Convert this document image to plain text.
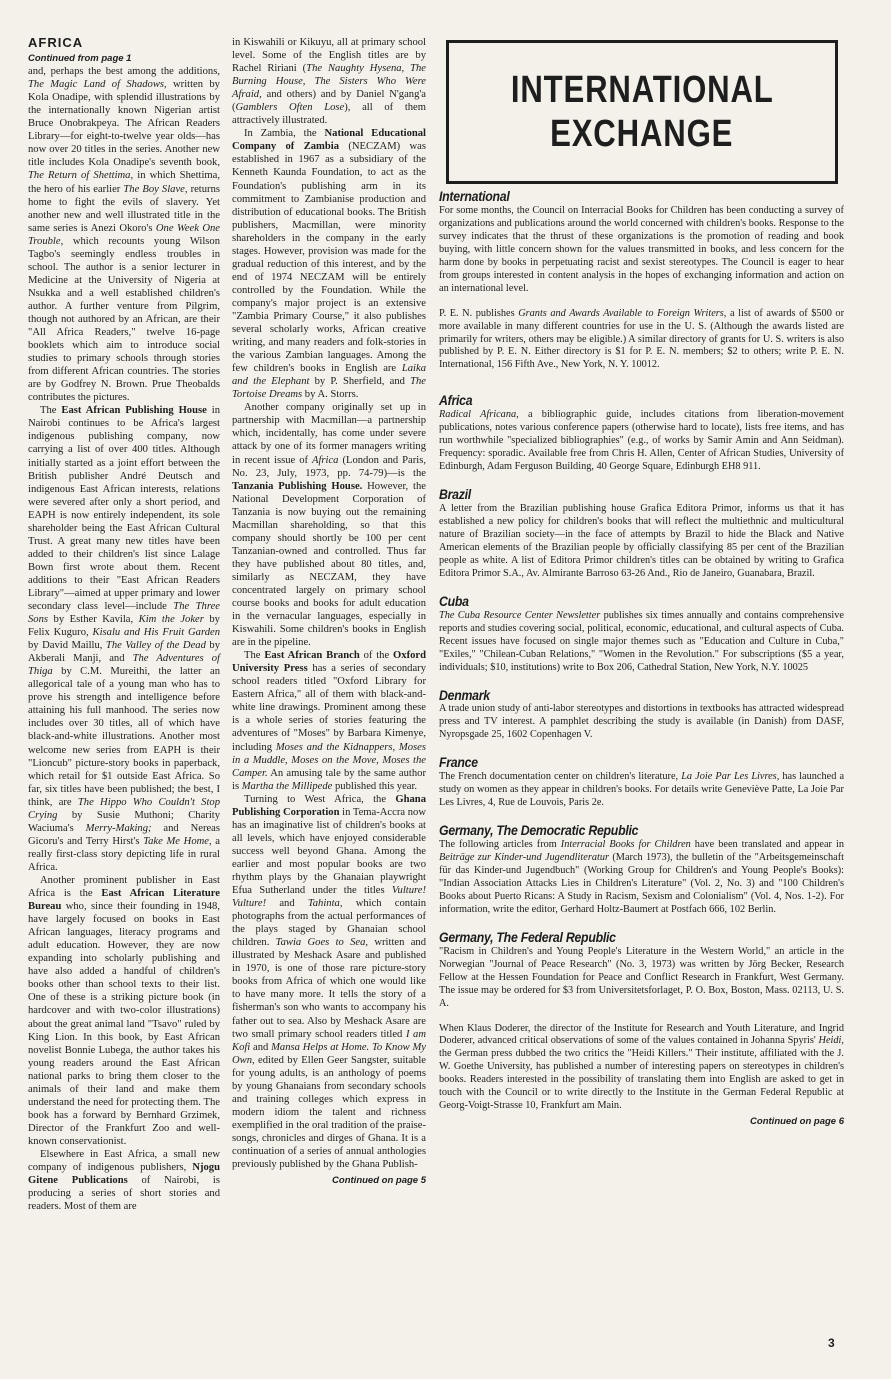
AFRICA
Continued from page 1

and, perhaps the best among the additions, The Magic Land of Shadows, written by Kola Onadipe, with splendid illustrations by the internationally known Nigerian artist Bruce Onobrakpeya. The African Readers Library—for eight-to-twelve year olds—has now over 20 titles in the series. Another new title includes Kola Onadipe's seventh book, The Return of Shettima, in which Shettima, the hero of his earlier The Boy Slave, returns home to fight the evils of slavery. Yet another new and well illustrated title in the same series is Anezi Okoro's One Week One Trouble, which recounts young Wilson Tagbo's seemingly endless troubles in school. The author is a senior lecturer in Medicine at the University of Nigeria at Nsukka and a well established children's author. A further venture from Pilgrim, though not authored by an African, are their "All Africa Readers," twelve 16-page booklets which aim to introduce social studies to primary schools through stories from different African countries. The stories are by Godfrey N. Brown. Prue Theobalds contributes the pictures.

The East African Publishing House in Nairobi continues to be Africa's largest indigenous publishing company, now carrying a list of over 400 titles. Although initially started as a joint effort between the British publisher André Deutsch and indigenous East African interests, relations were severed after only a short period, and EAPH is now entirely independent, its sole shareholder being the East African Cultural Trust. A great many new titles have been added to their children's list since Lalage Bown first wrote about them. Recent additions to their "East African Readers Library"—aimed at upper primary and lower secondary class level—include The Three Sons by Esther Kavila, Kim the Joker by Felix Kuguro, Kisalu and His Fruit Garden by David Maillu, The Valley of the Dead by Akberali Manji, and The Adventures of Thiga by C.M. Mureithi, the latter an allegorical tale of a young man who has to prove his strength and intelligence before attaining his full manhood. The series now includes over 30 titles, all of which have black-and-white illustrations. Another most welcome new series from EAPH is their "Lioncub" picture-story books in paperback, which retail for $1 outside East Africa. So far, six titles have been published; the best, I think, are The Hippo Who Couldn't Stop Crying by Susie Muthoni; Charity Waciuma's Merry-Making; and Nereas Gicoru's and Terry Hirst's Take Me Home, a really first-class story depicting life in rural Africa.

Another prominent publisher in East Africa is the East African Literature Bureau who, since their founding in 1948, have largely focused on books in East African languages, literacy programs and adult education. However, they are now expanding into scholarly publishing and have also added a handful of children's books other than school texts to their list. One of these is a striking picture book (in hardcover and with two-color illustrations) about the great animal land "Tsavo" ruled by King Lion. In this book, by East African novelist Bonnie Lubega, the author takes his young readers around the East African national parks to bring them closer to the animals of their land and make them understand the need for protecting them. The book has a forward by Bernhard Grzimek, Director of the Frankfurt Zoo and well-known conservationist.

Elsewhere in East Africa, a small new company of indigenous publishers, Njogu Gitene Publications of Nairobi, is producing a series of short stories and readers. Most of them are

in Kiswahili or Kikuyu, all at primary school level. Some of the English titles are by Rachel Ririani (The Naughty Hysena, The Burning House, The Sisters Who Were Afraid, and others) and by Daniel N'gang'a (Gamblers Often Lose), all of them attractively illustrated.

In Zambia, the National Educational Company of Zambia (NECZAM) was established in 1967 as a subsidiary of the Kenneth Kaunda Foundation, to act as the Foundation's publishing arm in its commitment to Zambianise production and distribution of educational books. The British publishers, Macmillan, were minority shareholders in the company in the early stages. However, provision was made for the gradual reduction of this interest, and by the end of 1974 NECZAM will be entirely controlled by the Foundation. While the company's major project is an extensive "Zambia Primary Course," it also publishes several scholarly works, African creative writing, and many readers and folk-stories in the various Zambian languages. Among the few children's books in English are Laika and the Elephant by P. Sherfield, and The Tortoise Dreams by A. Storrs.

Another company originally set up in partnership with Macmillan—a partnership which, incidentally, has come under severe attack by one of its former managers writing in recent issue of Africa (London and Paris, No. 23, July, 1973, pp. 74-79)—is the Tanzania Publishing House. However, the National Development Corporation of Tanzania is now buying out the remaining Macmillan shareholding, so that this company should shortly be 100 per cent Tanzanian-owned and controlled. Thus far they have published about 80 titles, and, similarly as NECZAM, they have concentrated largely on primary school course books and books for adult education in the vernacular languages, especially in Kiswahili. Some children's books in English are in the pipeline.

The East African Branch of the Oxford University Press has a series of secondary school readers titled "Oxford Library for Eastern Africa," all of them with black-and-white line drawings. Prominent among these is a whole series of stories featuring the adventures of "Moses" by Barbara Kimenye, including Moses and the Kidnappers, Moses in a Muddle, Moses on the Move, Moses the Camper. An amusing tale by the same author is Martha the Millipede published this year.

Turning to West Africa, the Ghana Publishing Corporation in Tema-Accra now has an imaginative list of children's books at all levels, which have enjoyed considerable success well beyond Ghana. Among the earlier and most popular books are two rhythm plays by the Ghanaian playwright Efua Sutherland under the titles Vulture! Vulture! and Tahinta, which contain photographs from the actual performances of the plays staged by Ghanaian school children. Tawia Goes to Sea, written and illustrated by Meshack Asare and published in 1970, is one of those rare picture-story books from Africa of which one would like to have many more. It tells the story of a fisherman's son who wants to accompany his father out to sea. Also by Meshack Asare are two small primary school readers titled I am Kofi and Mansa Helps at Home. To Know My Own, edited by Ellen Geer Sangster, suitable for young adults, is an anthology of poems by young Ghanaians from secondary schools and training colleges which express in modern idiom the talent and richness exemplified in the oral tradition of the praise-songs, chronicles and dirges of Ghana. It is a continuation of a series of annual anthologies previously published by the Ghana Publish-

Continued on page 5
INTERNATIONAL
EXCHANGE
International

For some months, the Council on Interracial Books for Children has been conducting a survey of organizations and publications around the world concerned with children's books. Response to the survey indicates that the thrust of these organizations is the promotion of reading and book buying, with little concern shown for the values transmitted in books, and less concern for the harm done by books in perpetuating racist and sexist stereotypes. The Council is eager to hear from groups interested in content analysis in the hopes of exchanging information and action on an international level.

P. E. N. publishes Grants and Awards Available to Foreign Writers, a list of awards of $500 or more available in many different countries for use in the U. S. (Although the awards listed are primarily for writers, others may be eligible.) A similar directory of grants for U. S. writers is also published by P. E. N. Either directory is $1 for P. E. N. members; $2 to others; write P. E. N. International, 156 Fifth Ave., New York, N. Y. 10012.

Africa

Radical Africana, a bibliographic guide, includes citations from liberation-movement publications, notes various conference papers (otherwise hard to locate), lists free items, and has run worthwhile "specialized bibliographies" (e.g., of works by Samir Amin and Ann Seidman). Frequency: sporadic. Available free from Chris H. Allen, Center of African Studies, University of Edinburgh, Adam Ferguson Building, 40 George Square, Edinburgh EH8 911.

Brazil

A letter from the Brazilian publishing house Grafica Editora Primor, informs us that it has established a new policy for children's books that will reflect the multiethnic and multicultural nature of Brazilian society—in the face of attempts by Brazil to hide the Black and Native American elements of the Brazilian people by officially classifying 85 per cent of the Brazilian people as white. A list of Editora Primor children's titles can be obtained by writing to Grafica Editora Primor S.A., Av. Almirante Barroso 63-26 And., Rio de Janeiro, Guanabara, Brazil.

Cuba

The Cuba Resource Center Newsletter publishes six times annually and contains comprehensive reports and studies covering social, political, economic, educational, and cultural aspects of Cuba. Recent issues have focused on single major themes such as "Education and Culture in Cuba," "Exiles," "Chilean-Cuban Relations," "Women in the Revolution." For subscriptions ($5 a year, individuals; $10, institutions) write to Box 206, Cathedral Station, New York, N.Y. 10025

Denmark

A trade union study of anti-labor stereotypes and distortions in textbooks has attracted widespread press and TV interest. A pamphlet describing the study is available (in Danish) from DASF, Nyropsgade 25, 1602 Copenhagen V.

France

The French documentation center on children's literature, La Joie Par Les Livres, has launched a study on women as they appear in children's books. For details write Geneviève Patte, La Joie Par Les Livres, 4, Rue de Louvois, Paris 2e.

Germany, The Democratic Republic

The following articles from Interracial Books for Children have been translated and appear in Beiträge zur Kinder-und Jugendliteratur (March 1973), the bulletin of the "Arbeitsgemeinschaft für das Kinder-und Jugendbuch" (Working Group for Children's and Young People's Books): "Indian Association Attacks Lies in Children's Literature" (Vol. 2, No. 3) and "100 Children's Books about Puerto Ricans: A Study in Racism, Sexism and Colonialism" (Vol. 4, Nos. 1-2). For information, write the editor, Gerhard Holtz-Baumert at Postfach 666, 102 Berlin.

Germany, The Federal Republic

"Racism in Children's and Young People's Literature in the Western World," an article in the Norwegian "Journal of Peace Research" (No. 3, 1973) was written by Jörg Becker, Research Fellow at the Hessen Foundation for Peace and Conflict Research in Frankfurt, West Germany. The issue may be ordered for $3 from Universitetsforlaget, P. O. Box, Boston, Mass. 02113, U. S. A.

When Klaus Doderer, the director of the Institute for Research and Youth Literature, and Ingrid Doderer, advanced critical observations of some of the values contained in Johanna Spyris' Heidi, the German press dubbed the two critics the "Heidi Killers." Their institute, affiliated with the J. W. Goethe University, has published a number of interesting papers on stereotypes in children's books. Readers interested in the possibility of translating them into English are asked to get in touch with the Council or to write directly to the Institute in the German Federal Republic at Georg-Voigt-Strasse 10, Frankfurt am Main.

Continued on page 6
3
